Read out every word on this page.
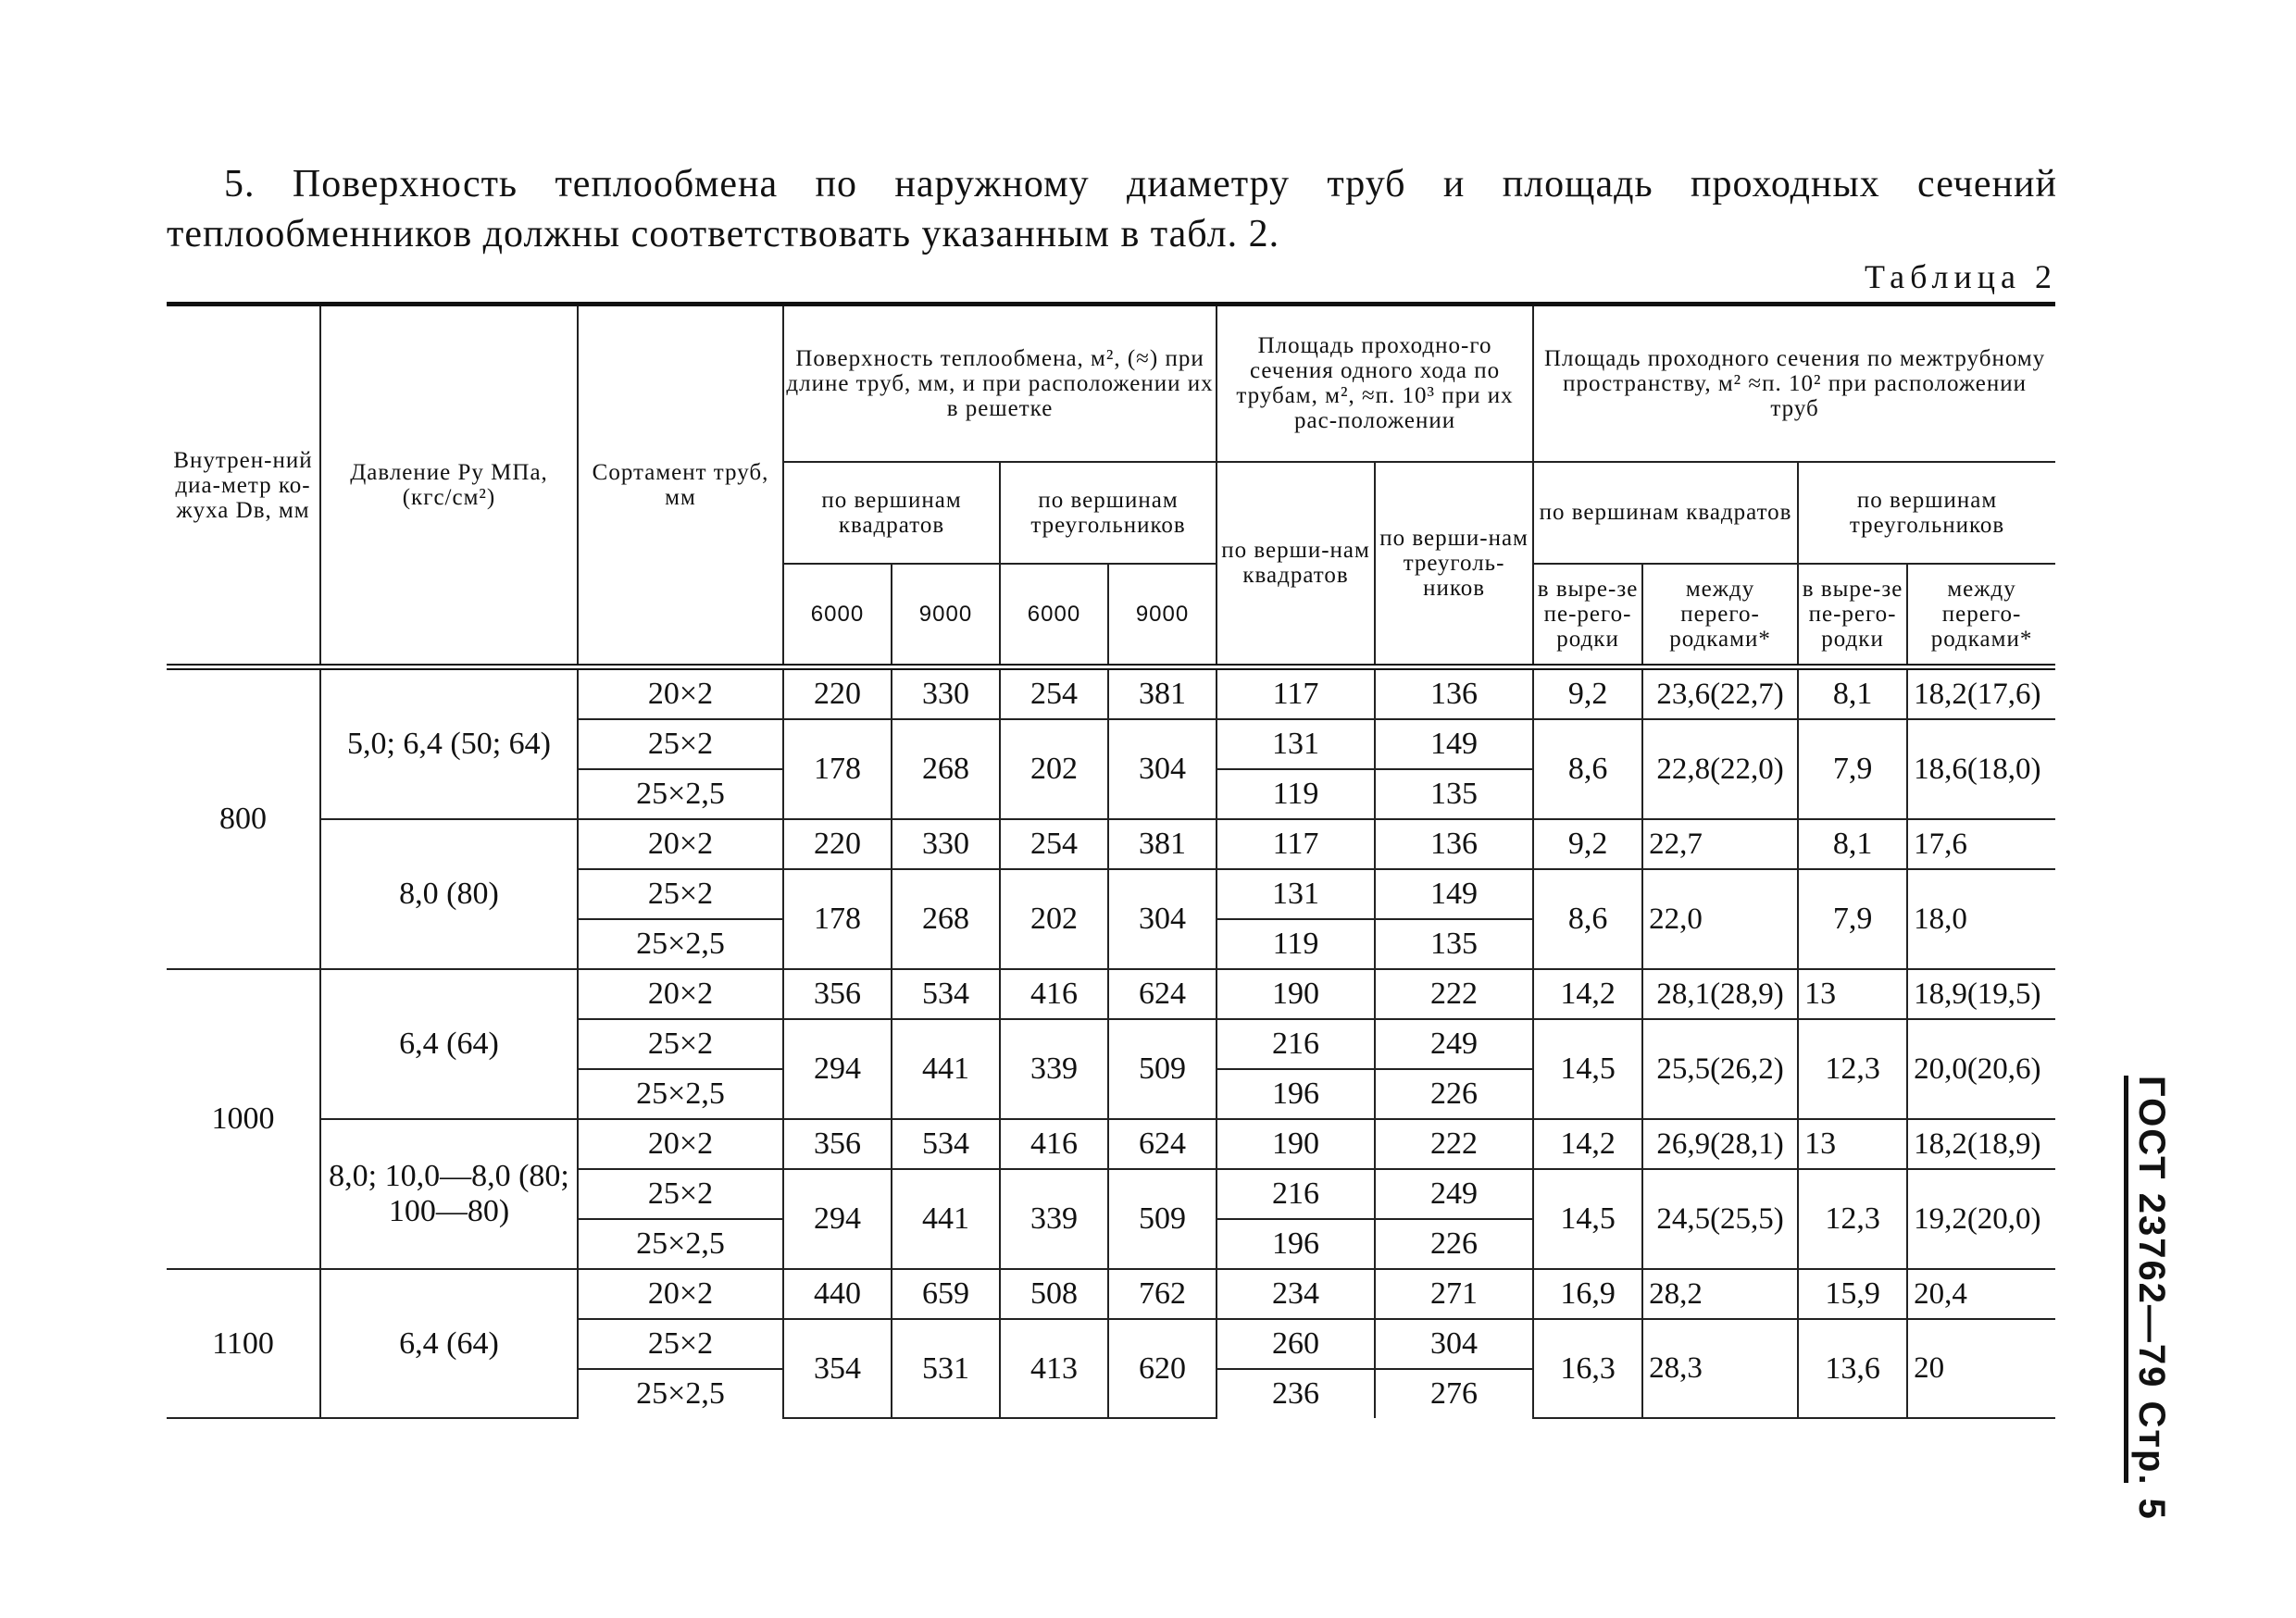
5. Поверхность теплообмена по наружному диаметру труб и площадь проходных сечений
теплообменников должны соответствовать указанным в табл. 2.
Таблица 2
ГОСТ 23762—79 Стр. 5
Внутрен-ний диа-метр ко-жуха Dв, мм	Давление Pу МПа, (кгс/см²)	Сортамент труб, мм	Поверхность теплообмена, м², (≈) при длине труб, мм, и при расположении их в решетке				Площадь проходно-го сечения одного хода по трубам, м², ≈п. 10³ при их рас-положении		Площадь проходного сечения по межтрубному пространству, м² ≈п. 10² при расположении труб			
			по вершинам квадратов		по вершинам треугольников		по верши-нам квадратов	по верши-нам треуголь-ников	по вершинам квадратов		по вершинам треугольников	
			6000	9000	6000	9000			в выре-зе пе-рего-родки	между перего-родками*	в выре-зе пе-рего-родки	между перего-родками*
800	5,0; 6,4 (50; 64)	20×2	220	330	254	381	117	136	9,2	23,6(22,7)	8,1	18,2(17,6)
		25×2	178	268	202	304	131	149	8,6	22,8(22,0)	7,9	18,6(18,0)
		25×2,5					119	135				
	8,0 (80)	20×2	220	330	254	381	117	136	9,2	22,7	8,1	17,6
		25×2	178	268	202	304	131	149	8,6	22,0	7,9	18,0
		25×2,5					119	135				
1000	6,4 (64)	20×2	356	534	416	624	190	222	14,2	28,1(28,9)	13	18,9(19,5)
		25×2	294	441	339	509	216	249	14,5	25,5(26,2)	12,3	20,0(20,6)
		25×2,5					196	226				
	8,0; 10,0—8,0 (80; 100—80)	20×2	356	534	416	624	190	222	14,2	26,9(28,1)	13	18,2(18,9)
		25×2	294	441	339	509	216	249	14,5	24,5(25,5)	12,3	19,2(20,0)
		25×2,5					196	226				
1100	6,4 (64)	20×2	440	659	508	762	234	271	16,9	28,2	15,9	20,4
		25×2	354	531	413	620	260	304	16,3	28,3	13,6	20
		25×2,5					236	276				
